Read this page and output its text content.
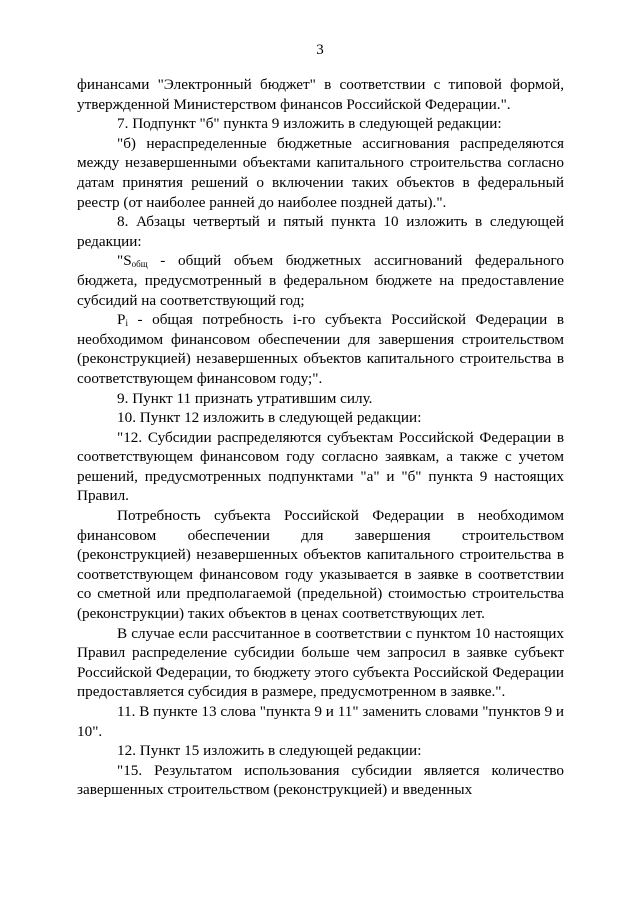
3

финансами "Электронный бюджет" в соответствии с типовой формой, утвержденной Министерством финансов Российской Федерации.".

7. Подпункт "б" пункта 9 изложить в следующей редакции:

"б) нераспределенные бюджетные ассигнования распределяются между незавершенными объектами капитального строительства согласно датам принятия решений о включении таких объектов в федеральный реестр (от наиболее ранней до наиболее поздней даты).".

8. Абзацы четвертый и пятый пункта 10 изложить в следующей редакции:

"$S_{общ}$ - общий объем бюджетных ассигнований федерального бюджета, предусмотренный в федеральном бюджете на предоставление субсидий на соответствующий год;

$P_i$ - общая потребность i-го субъекта Российской Федерации в необходимом финансовом обеспечении для завершения строительством (реконструкцией) незавершенных объектов капитального строительства в соответствующем финансовом году;".

9. Пункт 11 признать утратившим силу.

10. Пункт 12 изложить в следующей редакции:

"12. Субсидии распределяются субъектам Российской Федерации в соответствующем финансовом году согласно заявкам, а также с учетом решений, предусмотренных подпунктами "а" и "б" пункта 9 настоящих Правил.

Потребность субъекта Российской Федерации в необходимом финансовом обеспечении для завершения строительством (реконструкцией) незавершенных объектов капитального строительства в соответствующем финансовом году указывается в заявке в соответствии со сметной или предполагаемой (предельной) стоимостью строительства (реконструкции) таких объектов в ценах соответствующих лет.

В случае если рассчитанное в соответствии с пунктом 10 настоящих Правил распределение субсидии больше чем запросил в заявке субъект Российской Федерации, то бюджету этого субъекта Российской Федерации предоставляется субсидия в размере, предусмотренном в заявке.".

11. В пункте 13 слова "пункта 9 и 11" заменить словами "пунктов 9 и 10".

12. Пункт 15 изложить в следующей редакции:

"15. Результатом использования субсидии является количество завершенных строительством (реконструкцией) и введенных
